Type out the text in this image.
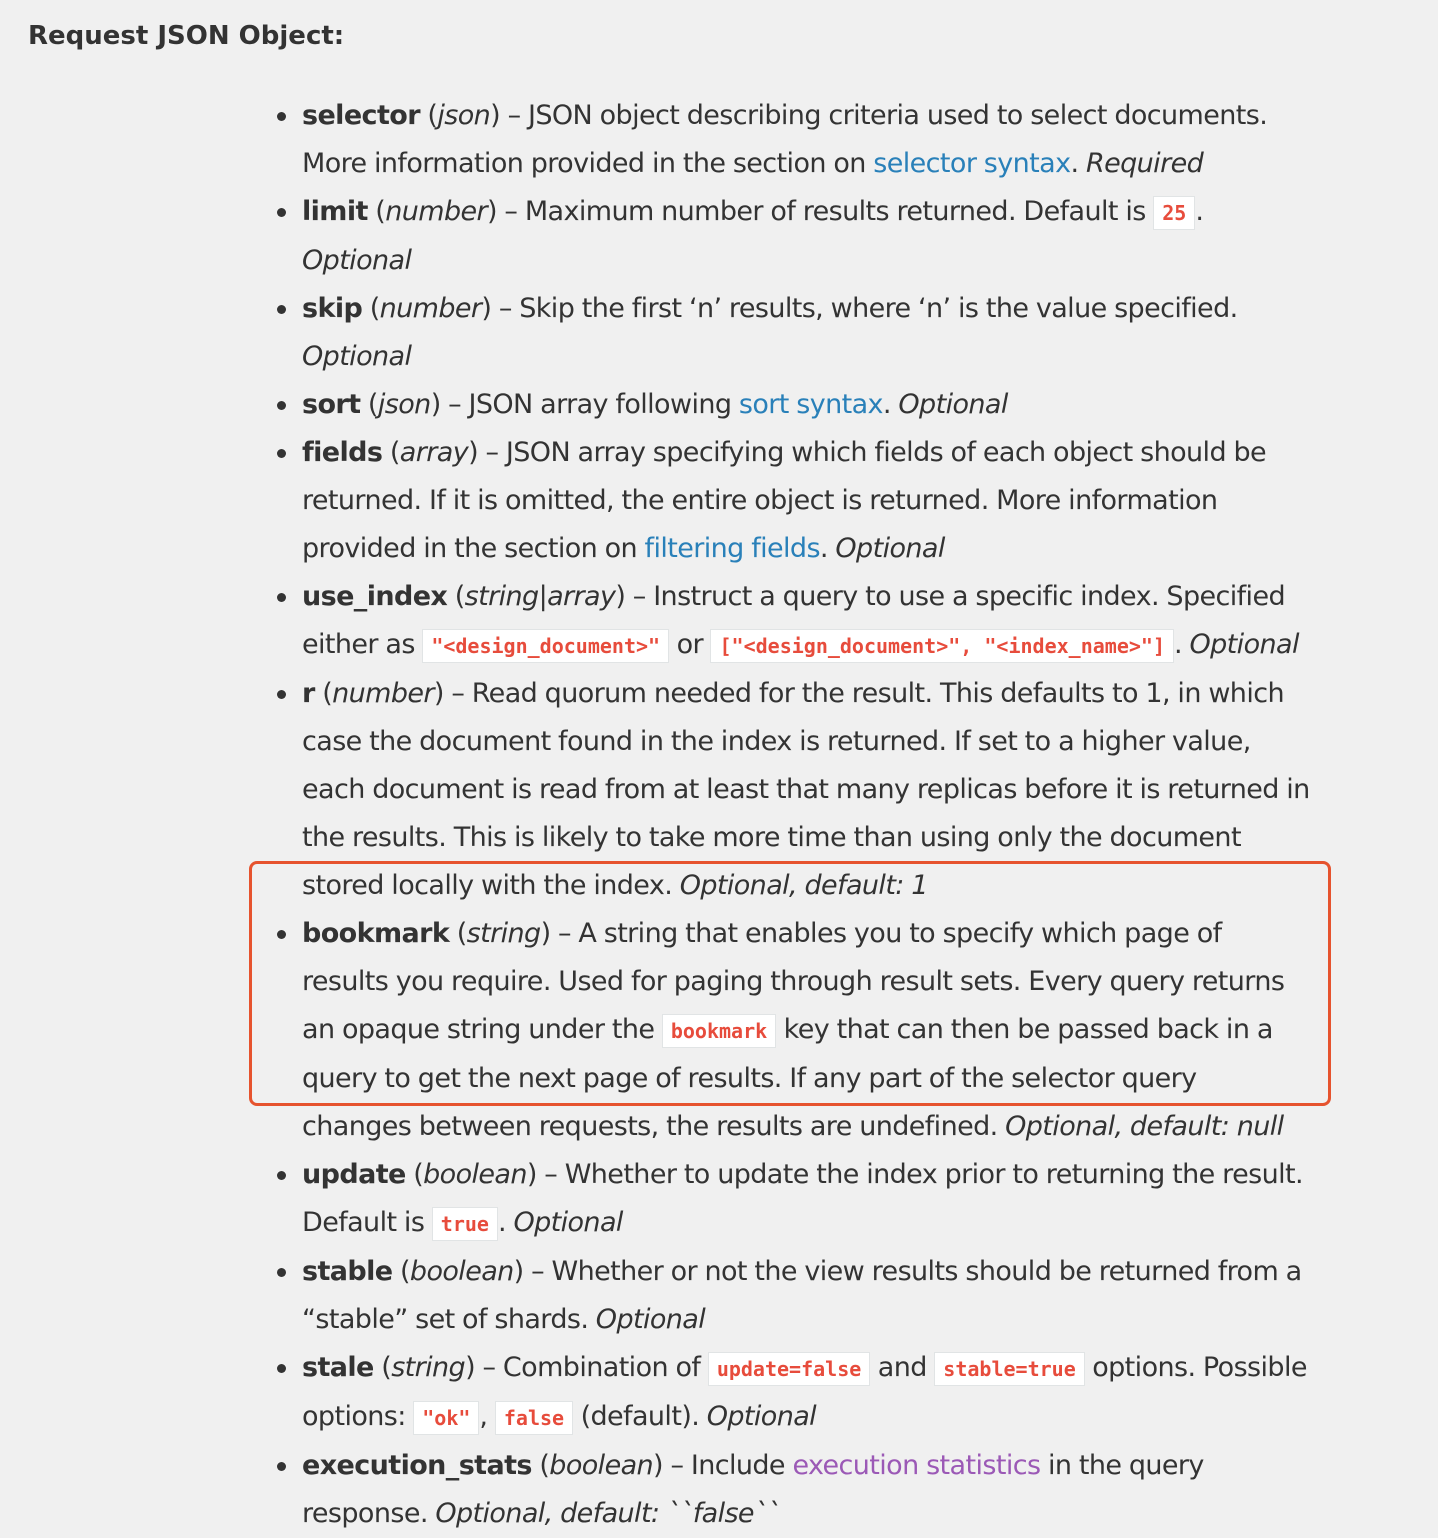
Request JSON Object:
selector (json) – JSON object describing criteria used to select documents. More information provided in the section on selector syntax. Required
limit (number) – Maximum number of results returned. Default is 25 . Optional
skip (number) – Skip the first ‘n’ results, where ‘n’ is the value specified. Optional
sort (json) – JSON array following sort syntax. Optional
fields (array) – JSON array specifying which fields of each object should be returned. If it is omitted, the entire object is returned. More information provided in the section on filtering fields. Optional
use_index (string|array) – Instruct a query to use a specific index. Specified either as "<design_document>" or ["<design_document>", "<index_name>"] . Optional
r (number) – Read quorum needed for the result. This defaults to 1, in which case the document found in the index is returned. If set to a higher value, each document is read from at least that many replicas before it is returned in the results. This is likely to take more time than using only the document stored locally with the index. Optional, default: 1
bookmark (string) – A string that enables you to specify which page of results you require. Used for paging through result sets. Every query returns an opaque string under the bookmark key that can then be passed back in a query to get the next page of results. If any part of the selector query changes between requests, the results are undefined. Optional, default: null
update (boolean) – Whether to update the index prior to returning the result. Default is true . Optional
stable (boolean) – Whether or not the view results should be returned from a “stable” set of shards. Optional
stale (string) – Combination of update=false and stable=true options. Possible options: "ok" , false (default). Optional
execution_stats (boolean) – Include execution statistics in the query response. Optional, default: ``false``
